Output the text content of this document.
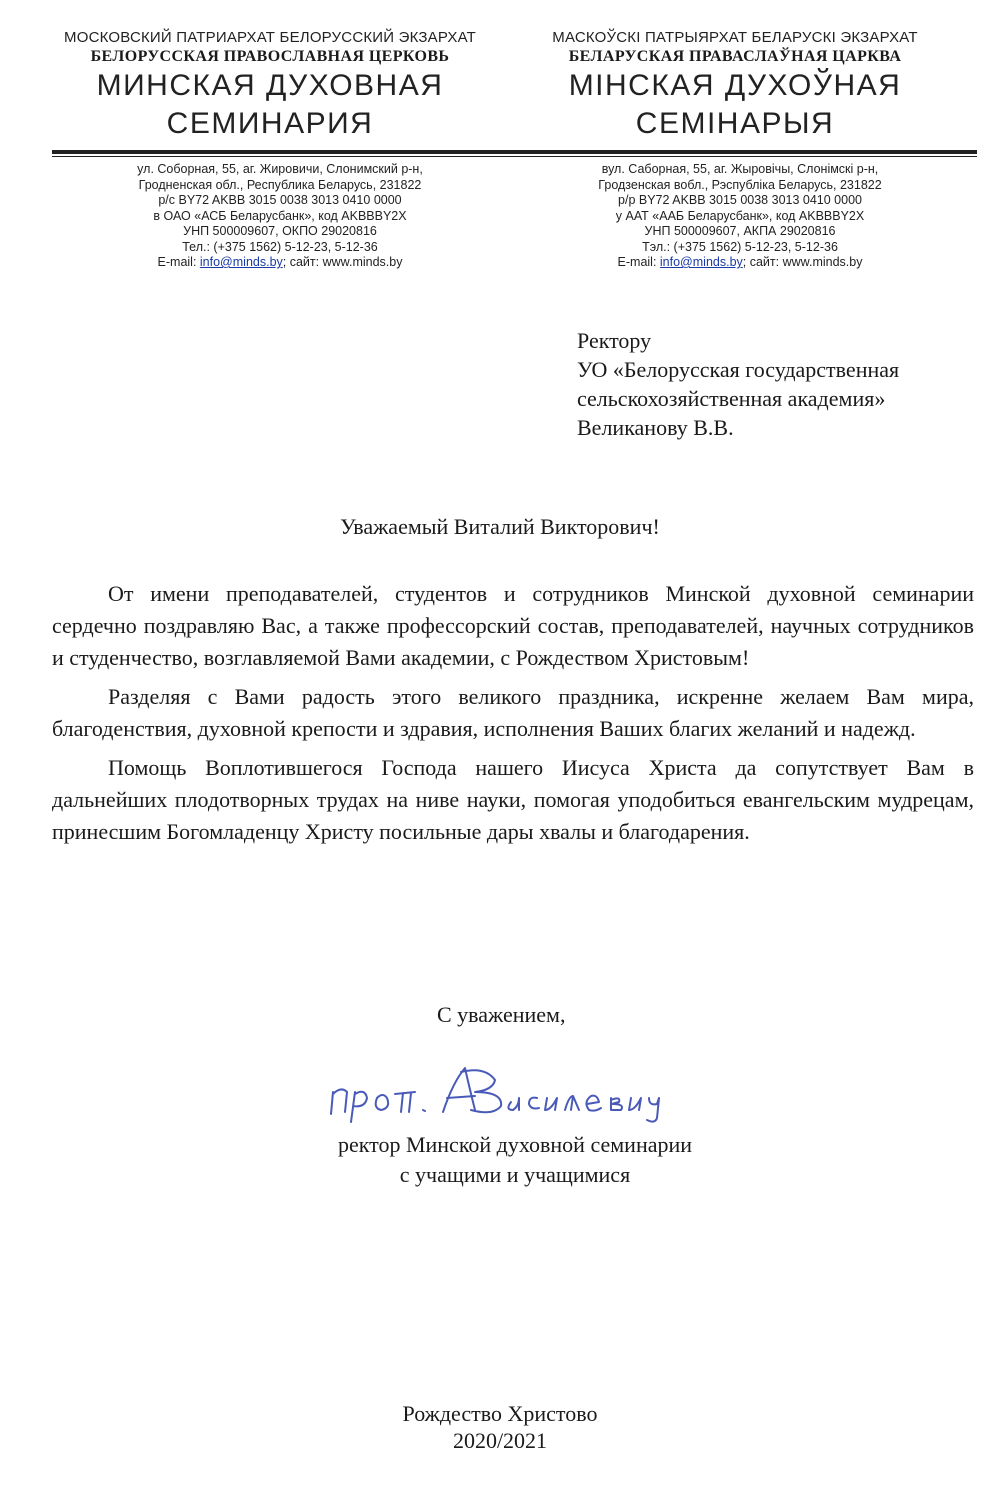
МОСКОВСКИЙ ПАТРИАРХАТ БЕЛОРУССКИЙ ЭКЗАРХАТ
БЕЛОРУССКАЯ ПРАВОСЛАВНАЯ ЦЕРКОВЬ
МИНСКАЯ ДУХОВНАЯ
СЕМИНАРИЯ
МАСКОЎСКІ ПАТРЫЯРХАТ БЕЛАРУСКІ ЭКЗАРХАТ
БЕЛАРУСКАЯ ПРАВАСЛАЎНАЯ ЦАРКВА
МІНСКАЯ ДУХОЎНАЯ
СЕМІНАРЫЯ
ул. Соборная, 55, аг. Жировичи, Слонимский р-н,
Гродненская обл., Республика Беларусь, 231822
р/с BY72 AKBB 3015 0038 3013 0410 0000
в ОАО «АСБ Беларусбанк», код AKBBBY2X
УНП 500009607, ОКПО 29020816
Тел.: (+375 1562) 5-12-23, 5-12-36
E-mail: info@minds.by; сайт: www.minds.by
вул. Саборная, 55, аг. Жыровічы, Слонімскі р-н,
Гродзенская вобл., Рэспубліка Беларусь, 231822
р/р BY72 AKBB 3015 0038 3013 0410 0000
у ААТ «ААБ Беларусбанк», код AKBBBY2X
УНП 500009607, АКПА 29020816
Тэл.: (+375 1562) 5-12-23, 5-12-36
E-mail: info@minds.by; сайт: www.minds.by
Ректору
УО «Белорусская государственная
сельскохозяйственная академия»
Великанову В.В.
Уважаемый Виталий Викторович!

От имени преподавателей, студентов и сотрудников Минской духовной семинарии сердечно поздравляю Вас, а также профессорский состав, преподавателей, научных сотрудников и студенчество, возглавляемой Вами академии, с Рождеством Христовым!

Разделяя с Вами радость этого великого праздника, искренне желаем Вам мира, благоденствия, духовной крепости и здравия, исполнения Ваших благих желаний и надежд.

Помощь Воплотившегося Господа нашего Иисуса Христа да сопутствует Вам в дальнейших плодотворных трудах на ниве науки, помогая уподобиться евангельским мудрецам, принесшим Богомладенцу Христу посильные дары хвалы и благодарения.

С уважением,
ректор Минской духовной семинарии
с учащими и учащимися
Рождество Христово
2020/2021
